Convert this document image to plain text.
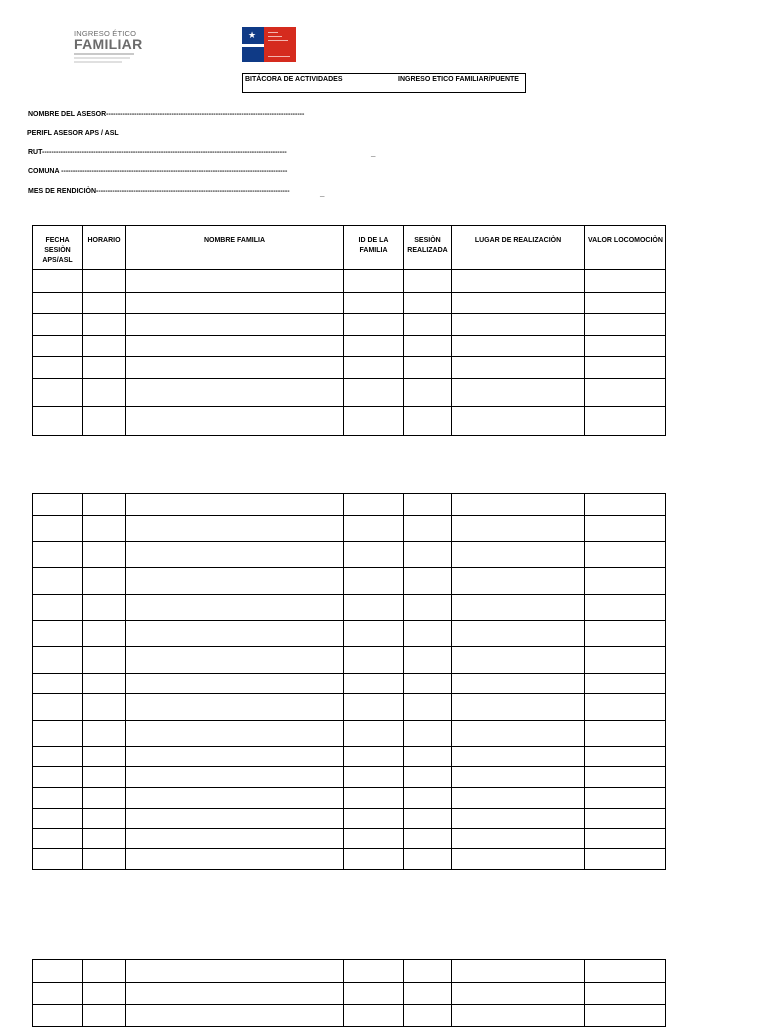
INGRESO ÉTICO
FAMILIAR
★
BITÁCORA DE ACTIVIDADES	INGRESO ETICO FAMILIAR/PUENTE
NOMBRE DEL ASESOR-------------------------------------------------------------------------------------
PERIFL ASESOR APS / ASL
RUT---------------------------------------------------------------------------------------------------------
COMUNA -------------------------------------------------------------------------------------------------
MES DE RENDICIÒN-----------------------------------------------------------------------------------
_
_
FECHA SESIÒN APS/ASL	HORARIO	NOMBRE FAMILIA	ID DE LA FAMILIA	SESIÒN REALIZADA	LUGAR DE REALIZACIÒN	VALOR LOCOMOCIÒN
